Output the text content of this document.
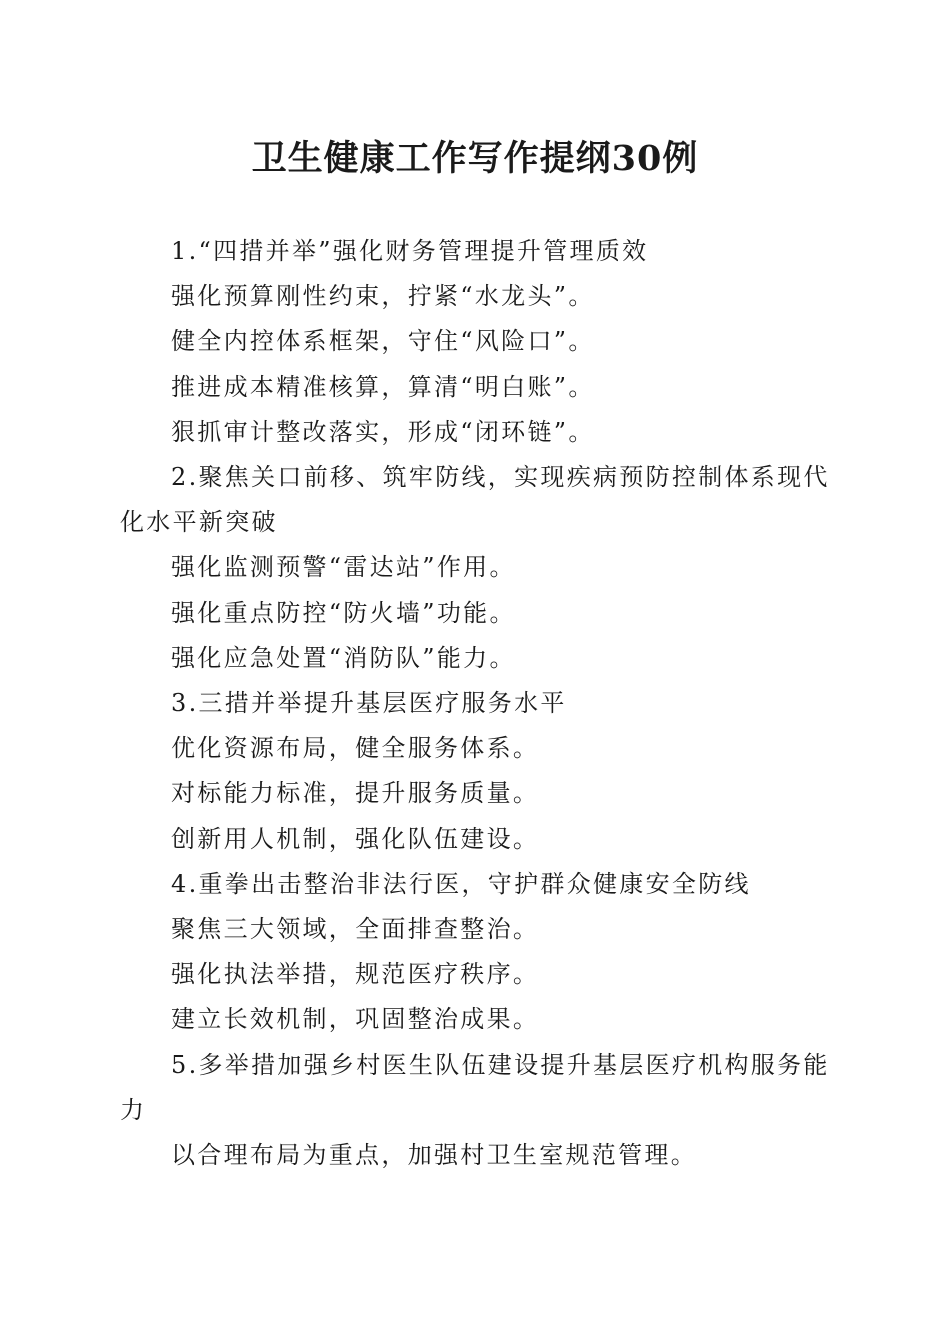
卫生健康工作写作提纲30例

1.“四措并举”强化财务管理提升管理质效

强化预算刚性约束，拧紧“水龙头”。

健全内控体系框架，守住“风险口”。

推进成本精准核算，算清“明白账”。

狠抓审计整改落实，形成“闭环链”。

2.聚焦关口前移、筑牢防线，实现疾病预防控制体系现代化水平新突破

强化监测预警“雷达站”作用。

强化重点防控“防火墙”功能。

强化应急处置“消防队”能力。

3.三措并举提升基层医疗服务水平

优化资源布局，健全服务体系。

对标能力标准，提升服务质量。

创新用人机制，强化队伍建设。

4.重拳出击整治非法行医，守护群众健康安全防线

聚焦三大领域，全面排查整治。

强化执法举措，规范医疗秩序。

建立长效机制，巩固整治成果。

5.多举措加强乡村医生队伍建设提升基层医疗机构服务能力

以合理布局为重点，加强村卫生室规范管理。
